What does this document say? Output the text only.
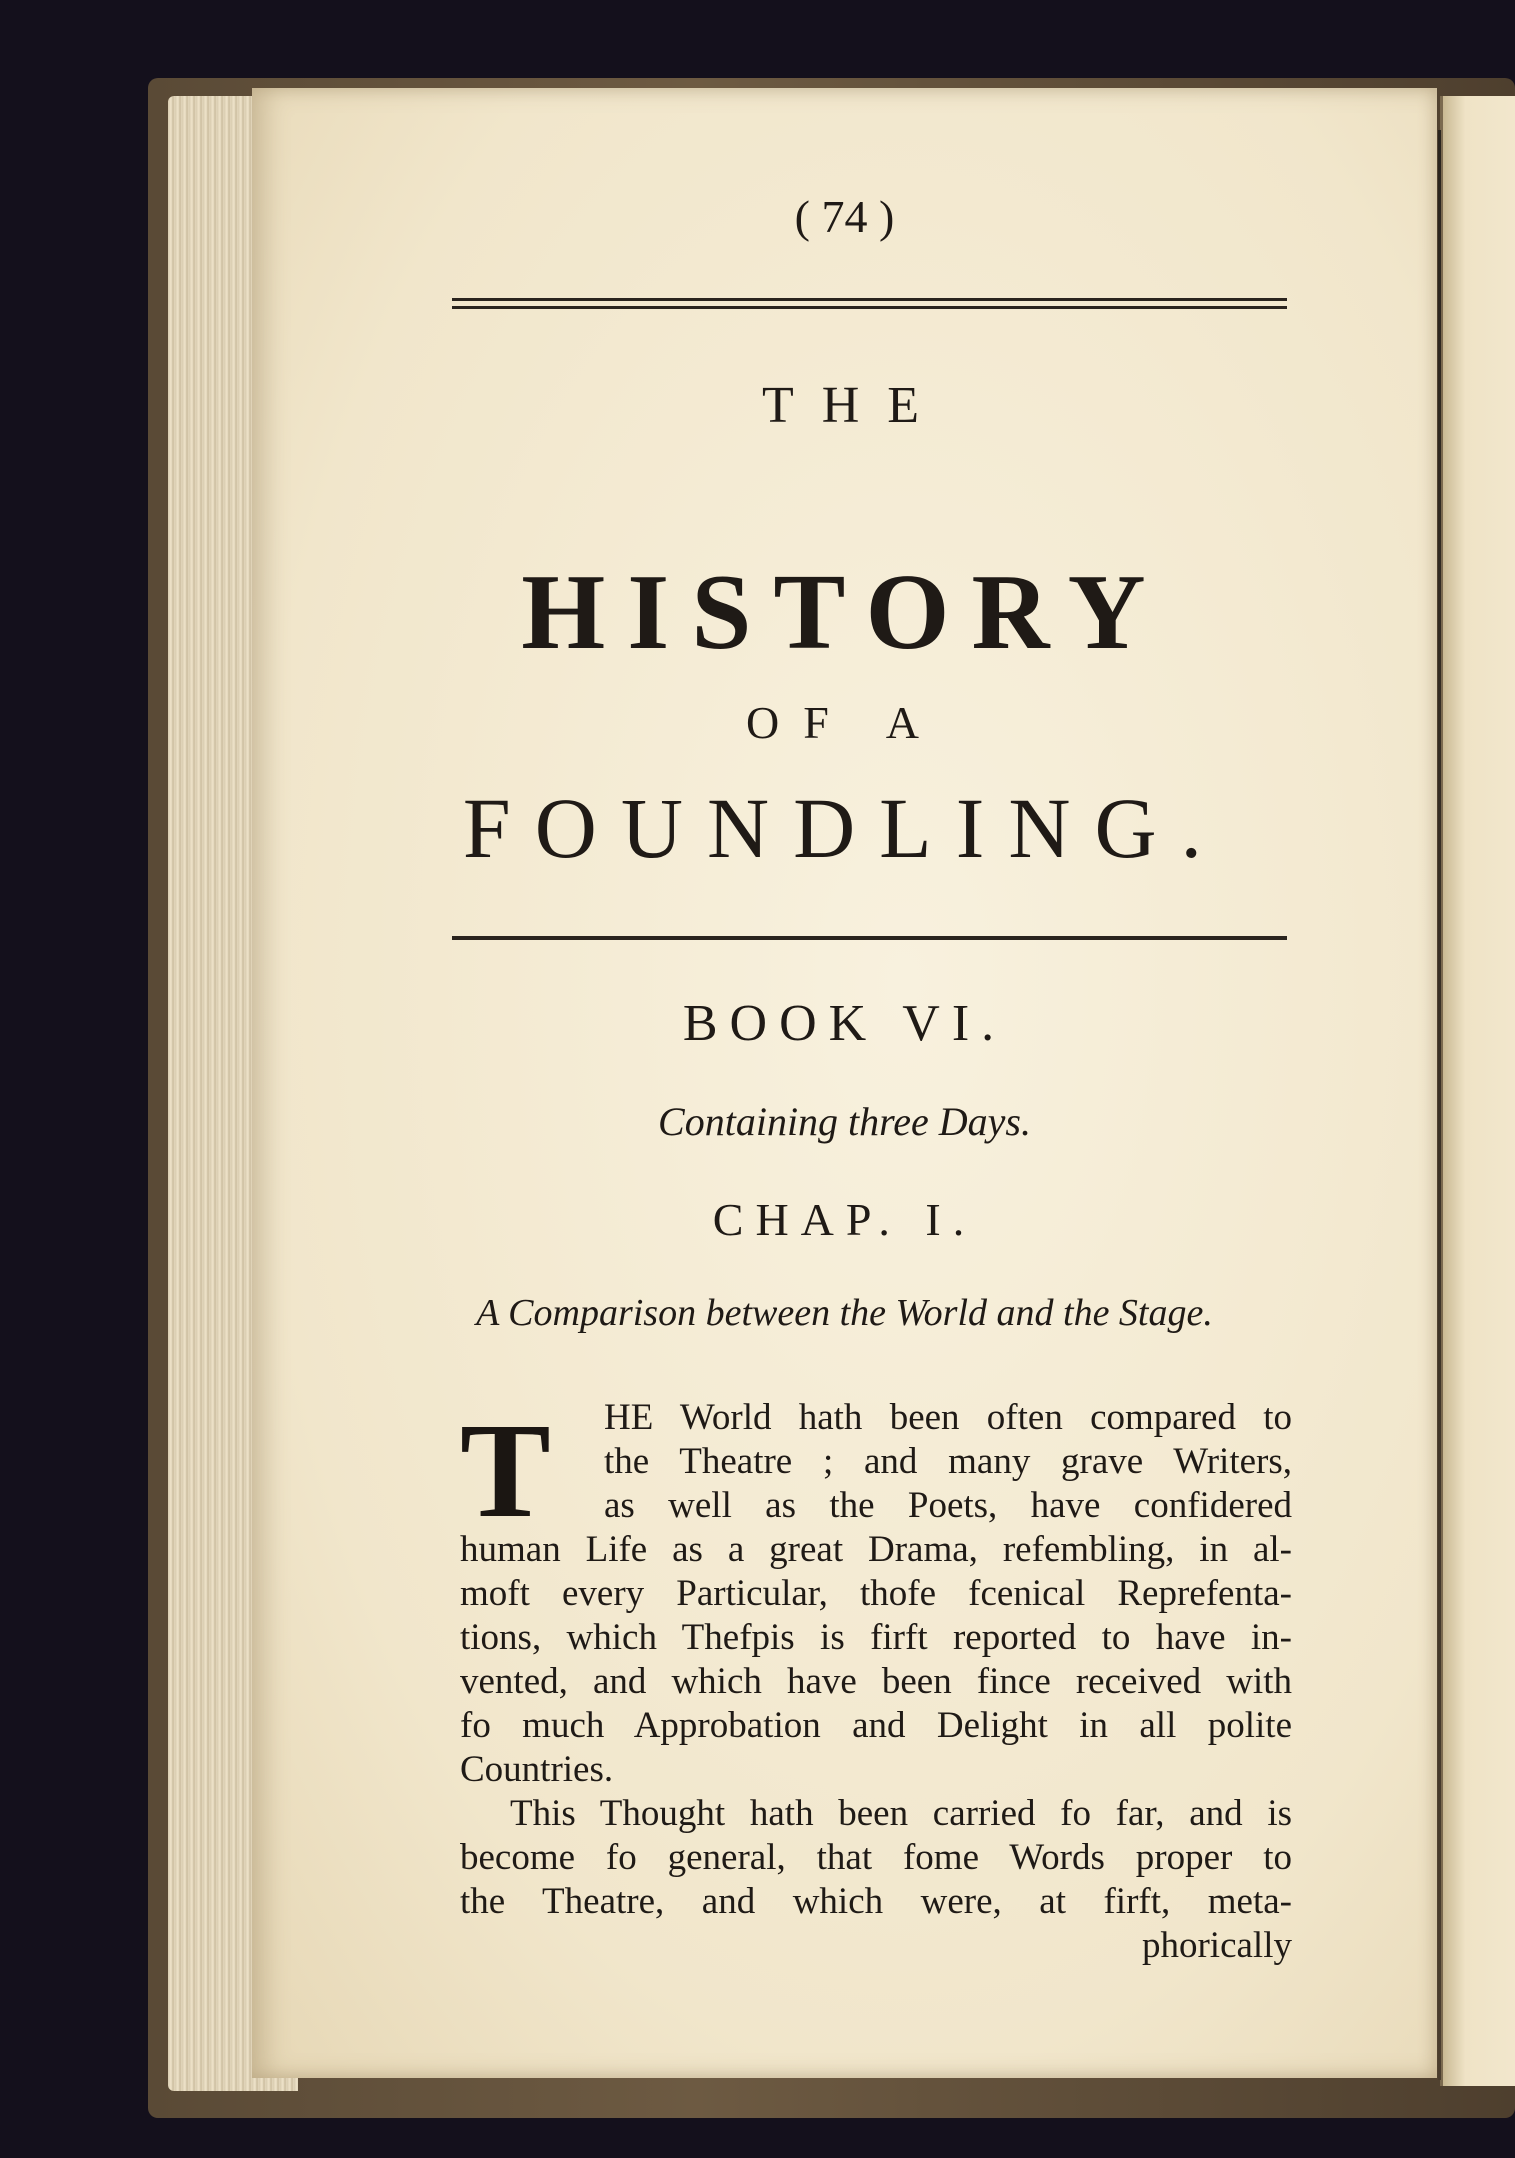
( 74 )
THE
HISTORY
OF A
FOUNDLING.
BOOK VI.
Containing three Days.
CHAP. I.
A Comparison between the World and the Stage.
T HE World hath been often compared to
the Theatre ; and many grave Writers,
as well as the Poets, have confidered
human Life as a great Drama, refembling, in al-
moft every Particular, thofe fcenical Reprefenta-
tions, which Thefpis is firft reported to have in-
vented, and which have been fince received with
fo much Approbation and Delight in all polite
Countries.
This Thought hath been carried fo far, and is
become fo general, that fome Words proper to
the Theatre, and which were, at firft, meta-
phorically
